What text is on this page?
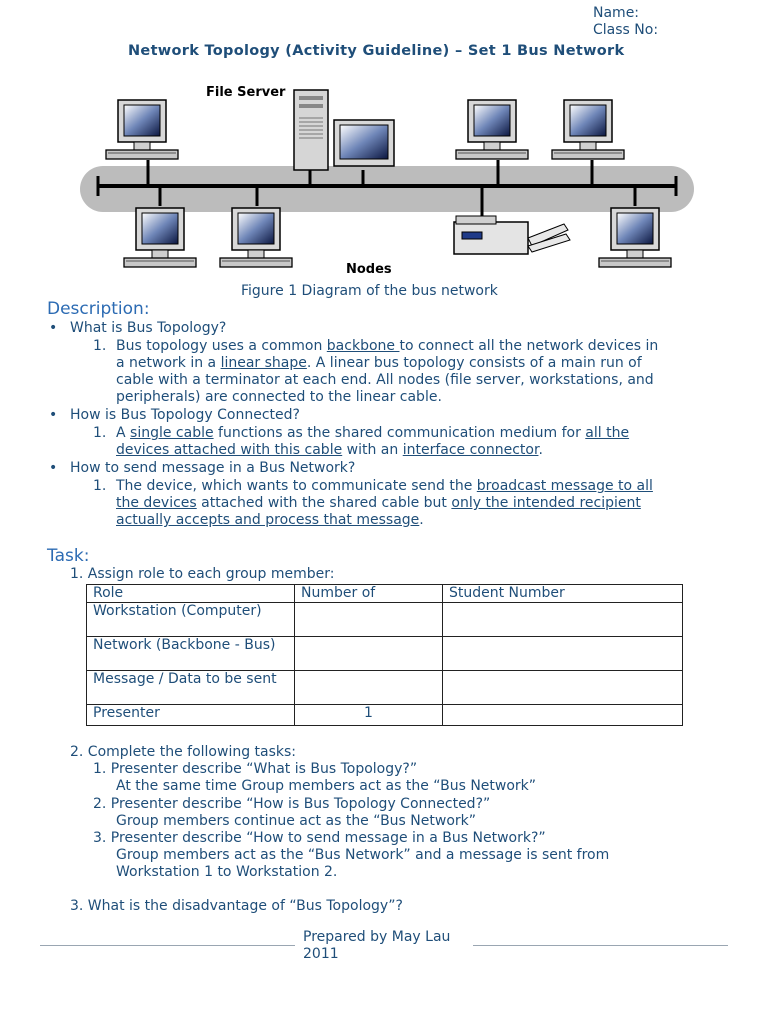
Name:
Class No:
Network Topology (Activity Guideline) – Set 1 Bus Network
File Server
Nodes
Figure 1 Diagram of the bus network
Description:
• What is Bus Topology?
1. Bus topology uses a common backbone to connect all the network devices in
a network in a linear shape. A linear bus topology consists of a main run of
cable with a terminator at each end. All nodes (file server, workstations, and
peripherals) are connected to the linear cable.
• How is Bus Topology Connected?
1. A single cable functions as the shared communication medium for all the
devices attached with this cable with an interface connector.
• How to send message in a Bus Network?
1. The device, which wants to communicate send the broadcast message to all
the devices attached with the shared cable but only the intended recipient
actually accepts and process that message.
Task:
1. Assign role to each group member:
Role	Number of	Student Number
Workstation (Computer)		
Network (Backbone - Bus)		
Message / Data to be sent		
Presenter	1	
2. Complete the following tasks:
1. Presenter describe “What is Bus Topology?”
At the same time Group members act as the “Bus Network”
2. Presenter describe “How is Bus Topology Connected?”
Group members continue act as the “Bus Network”
3. Presenter describe “How to send message in a Bus Network?”
Group members act as the “Bus Network” and a message is sent from
Workstation 1 to Workstation 2.
3. What is the disadvantage of “Bus Topology”?
Prepared by May Lau
2011
